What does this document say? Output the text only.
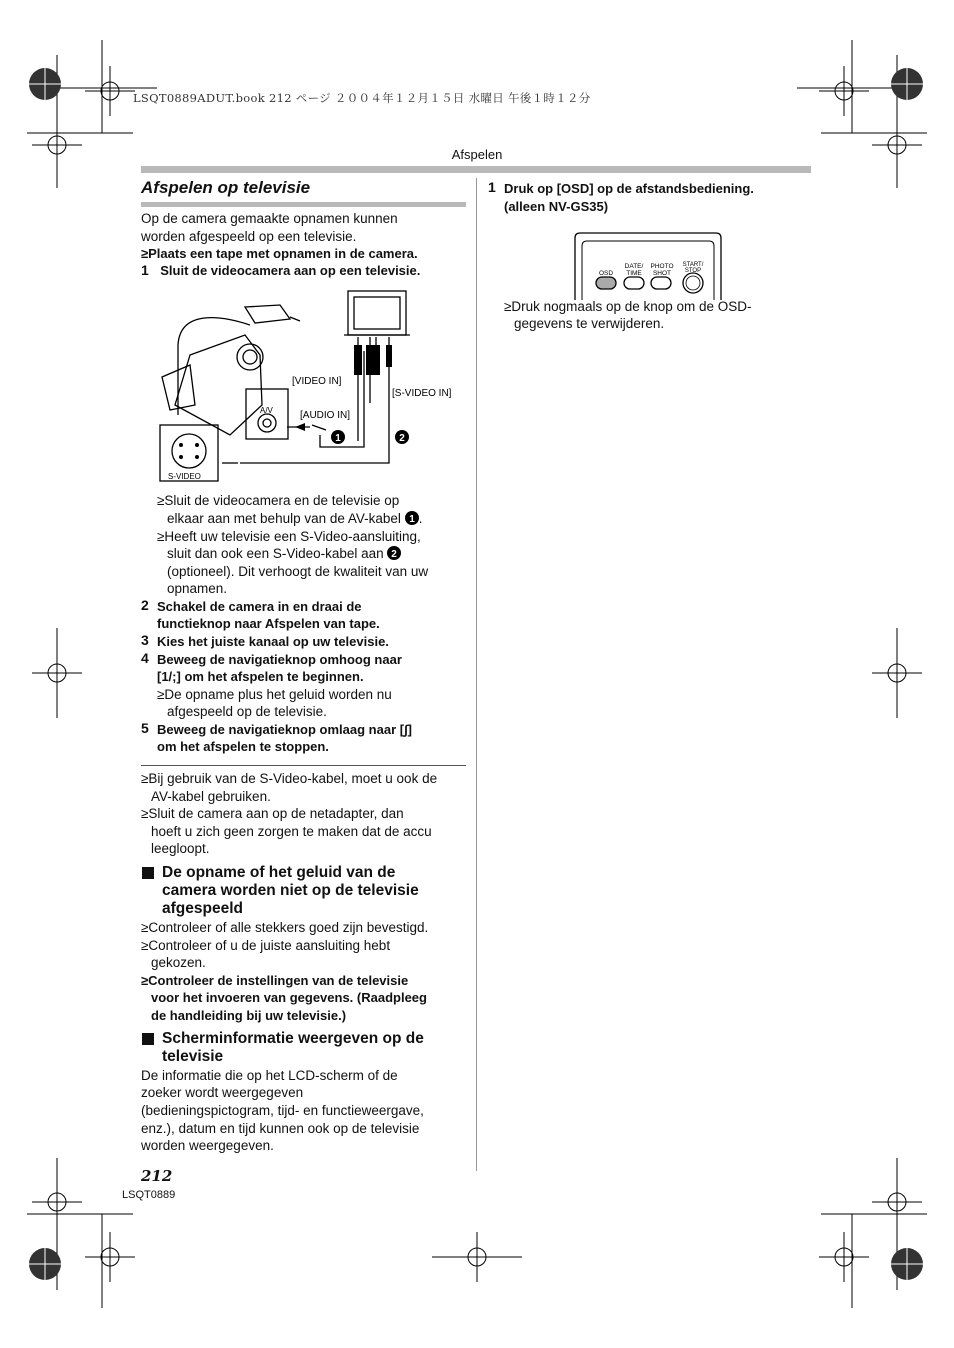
LSQT0889ADUT.book 212 ページ ２００４年１２月１５日 水曜日 午後１時１２分
Afspelen
Afspelen op televisie
Op de camera gemaakte opnamen kunnen
worden afgespeeld op een televisie.
≥Plaats een tape met opnamen in de camera.
1 Sluit de videocamera aan op een televisie.
[VIDEO IN]
[S-VIDEO IN]
[AUDIO IN]
A/V
S-VIDEO
1	2
≥Sluit de videocamera en de televisie op
elkaar aan met behulp van de AV-kabel 1 .
≥Heeft uw televisie een S-Video-aansluiting,
sluit dan ook een S-Video-kabel aan 2
(optioneel). Dit verhoogt de kwaliteit van uw
opnamen.
2 Schakel de camera in en draai de
functieknop naar Afspelen van tape.
3 Kies het juiste kanaal op uw televisie.
4 Beweeg de navigatieknop omhoog naar
[1/;] om het afspelen te beginnen.
≥De opname plus het geluid worden nu
afgespeeld op de televisie.
5 Beweeg de navigatieknop omlaag naar [∫]
om het afspelen te stoppen.
≥Bij gebruik van de S-Video-kabel, moet u ook de
AV-kabel gebruiken.
≥Sluit de camera aan op de netadapter, dan
hoeft u zich geen zorgen te maken dat de accu
leegloopt.
De opname of het geluid van de
camera worden niet op de televisie
afgespeeld
≥Controleer of alle stekkers goed zijn bevestigd.
≥Controleer of u de juiste aansluiting hebt
gekozen.
≥Controleer de instellingen van de televisie
voor het invoeren van gegevens. (Raadpleeg
de handleiding bij uw televisie.)
Scherminformatie weergeven op de
televisie
De informatie die op het LCD-scherm of de
zoeker wordt weergegeven
(bedieningspictogram, tijd- en functieweergave,
enz.), datum en tijd kunnen ook op de televisie
worden weergegeven.
1 Druk op [OSD] op de afstandsbediening.
(alleen NV-GS35)
OSD
DATE/
TIME
PHOTO
SHOT
START/
STOP
≥Druk nogmaals op de knop om de OSD-
gegevens te verwijderen.
212
LSQT0889
